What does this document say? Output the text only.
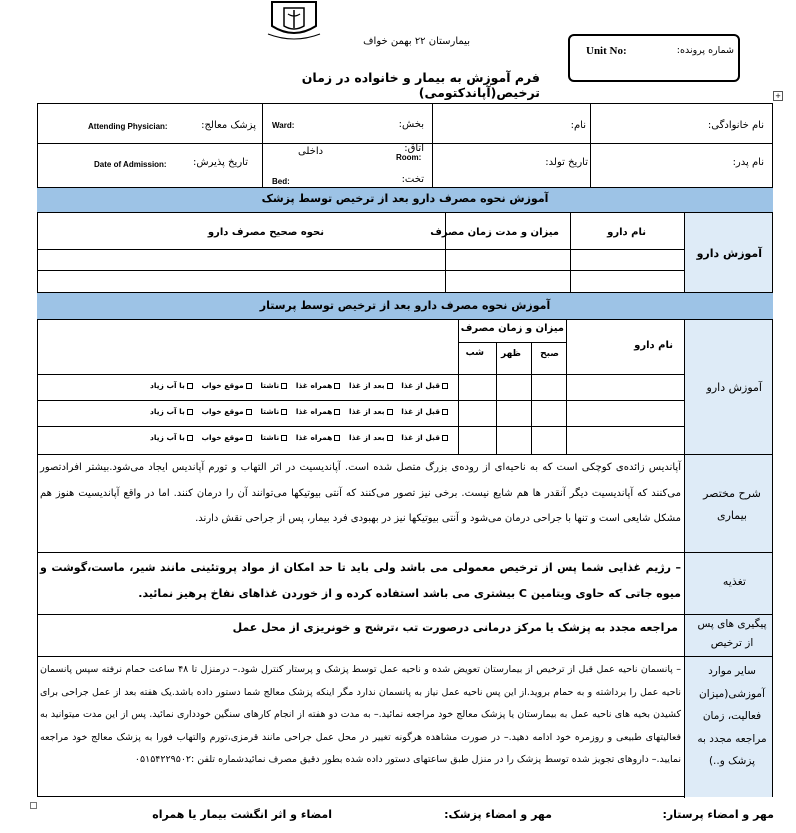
بیمارستان ۲۲ بهمن خواف
فرم آموزش به بیمار و خانواده در زمان ترخیص(آپاندکتومی)
Unit No:	شماره پرونده:
+
نام خانوادگی:
نام:
بخش:
Ward:
پزشک معالج:
Attending Physician:
نام پدر:
تاریخ تولد:
اتاق:
Room:
داخلی
تخت:
Bed:
تاریخ پذیرش:
Date of Admission:
آموزش نحوه مصرف دارو بعد از ترخیص توسط پزشک
آموزش دارو
نام دارو
میزان و مدت زمان مصرف
نحوه صحیح مصرف دارو
آموزش نحوه مصرف دارو بعد از ترخیص توسط پرستار
آموزش دارو
نام دارو
میزان و زمان مصرف
صبح
ظهر
شب
قبل از غذا
بعد از غذا
همراه غذا
ناشتا
موقع خواب
با آب زیاد
قبل از غذا
بعد از غذا
همراه غذا
ناشتا
موقع خواب
با آب زیاد
قبل از غذا
بعد از غذا
همراه غذا
ناشتا
موقع خواب
با آب زیاد
شرح مختصر بیماری
آپاندیس زائده‌ی کوچکی است که به ناحیه‌ای از روده‌ی بزرگ متصل شده است. آپاندیسیت در اثر التهاب و تورم آپاندیس ایجاد می‌شود.بیشتر افرادتصور می‌کنند که آپاندیسیت دیگر آنقدر ها هم شایع نیست. برخی نیز تصور می‌کنند که آنتی بیوتیکها می‌توانند آن را درمان کنند. اما در واقع آپاندیسیت هنوز هم مشکل شایعی است و تنها با جراحی درمان می‌شود و آنتی بیوتیکها نیز در بهبودی فرد بیمار، پس از جراحی نقش دارند.
تغذیه
– رژیم غذایی شما پس از ترخیص معمولی می باشد ولی باید تا حد امکان از مواد پروتئینی مانند شیر، ماست،گوشت و میوه جاتی که حاوی ویتامین C بیشتری می باشد استفاده کرده و از خوردن غذاهای نفاخ پرهیز نمائید.
پیگیری های پس از ترخیص
مراجعه مجدد به پزشک یا مرکز درمانی درصورت تب ،ترشح و خونریزی از محل عمل
سایر موارد آموزشی(میزان فعالیت، زمان مراجعه مجدد به پزشک و..)
– پانسمان ناحیه عمل قبل از ترخیص از بیمارستان تعویض شده و ناحیه عمل توسط پزشک و پرستار کنترل شود.– درمنزل تا ۴۸ ساعت حمام نرفته سپس پانسمان ناحیه عمل را برداشته و به حمام بروید.از این پس ناحیه عمل نیاز به پانسمان ندارد مگر اینکه پزشک معالج شما دستور داده باشد.یک هفته بعد از عمل جراحی برای کشیدن بخیه های ناحیه عمل به بیمارستان یا پزشک معالج خود مراجعه نمائید.– به مدت دو هفته از انجام کارهای سنگین خودداری نمائید. پس از این مدت میتوانید به فعالیتهای طبیعی و روزمره خود ادامه دهید.– در صورت مشاهده هرگونه تغییر در محل عمل جراحی مانند قرمزی،تورم والتهاب فورا به پزشک معالج خود مراجعه نمایید.– داروهای تجویز شده توسط پزشک را در منزل طبق ساعتهای دستور داده شده بطور دقیق مصرف نمائیدشماره تلفن :۰۵۱۵۴۲۲۹۵۰۲
مهر و امضاء پرستار:
مهر و امضاء پزشک:
امضاء و اثر انگشت بیمار یا همراه
